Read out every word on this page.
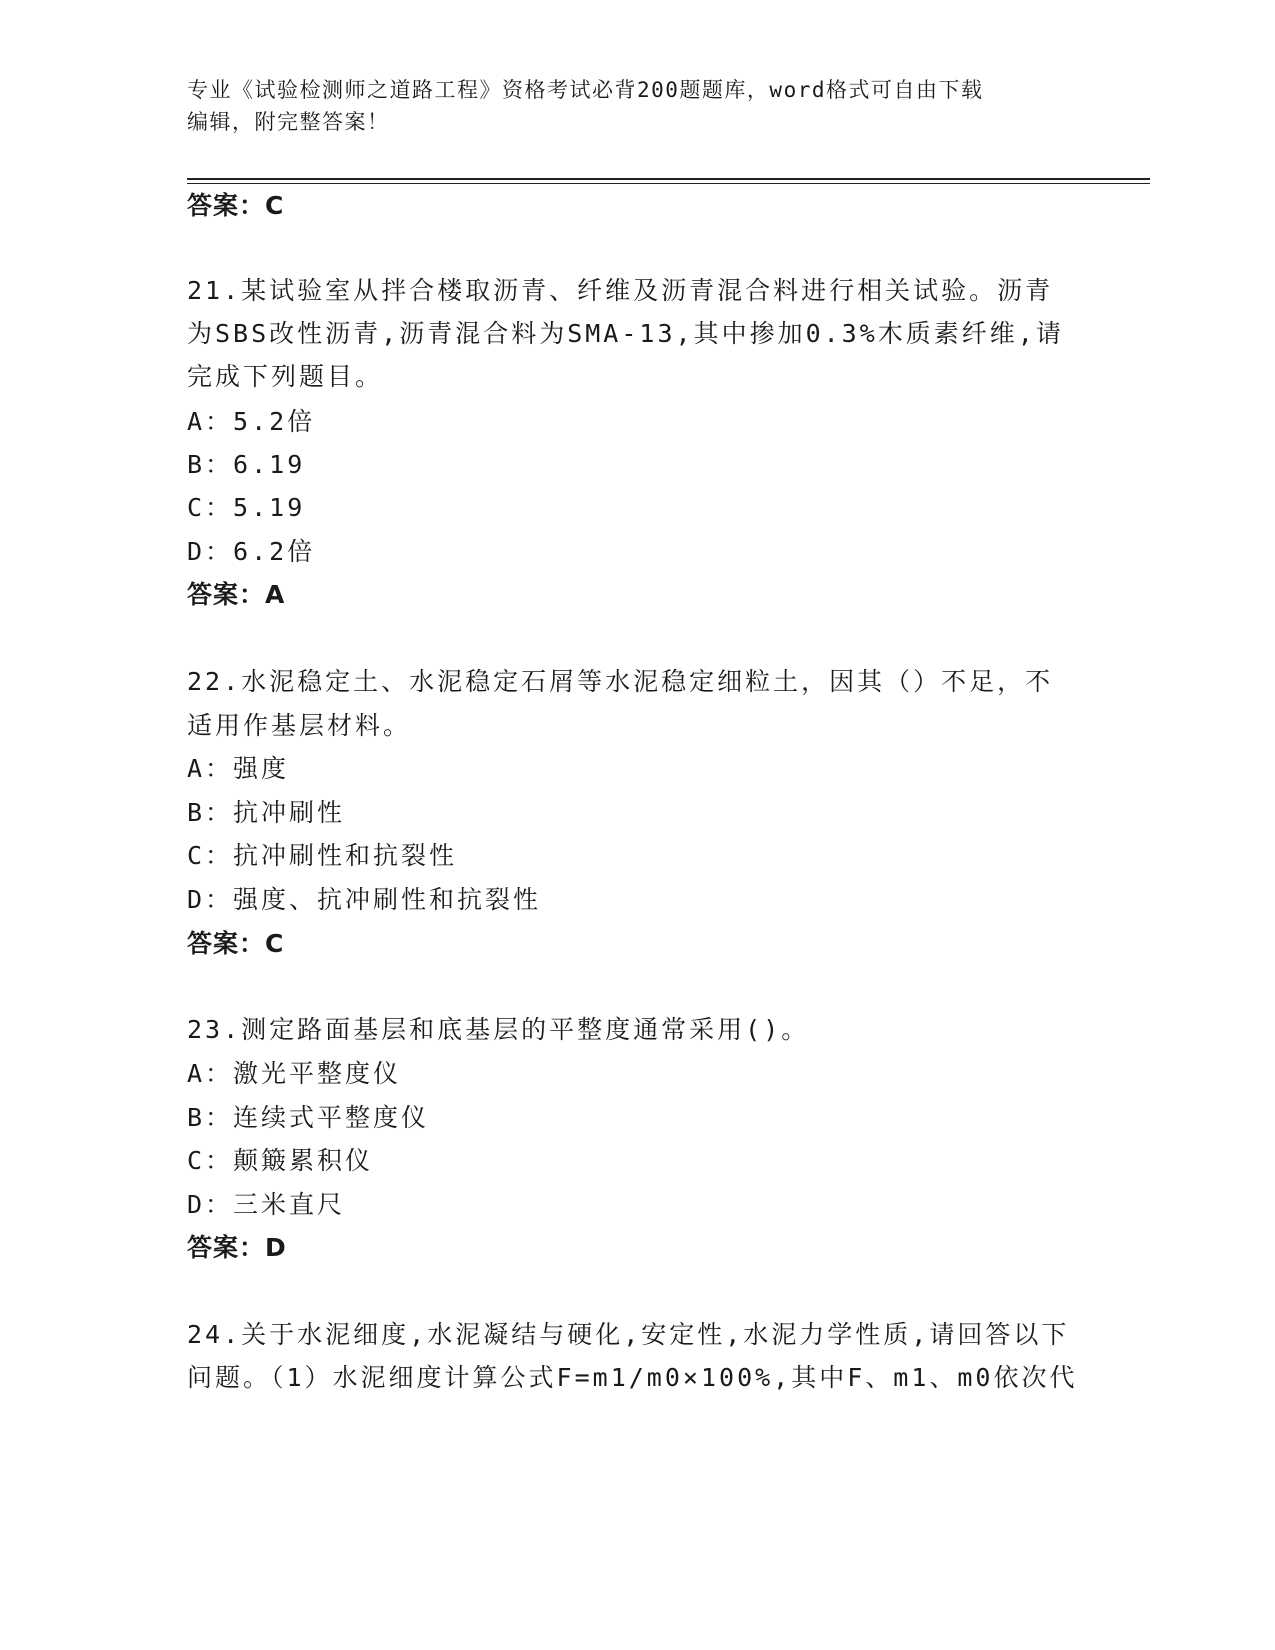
专业《试验检测师之道路工程》资格考试必背200题题库，word格式可自由下载
编辑，附完整答案！
答案：C
21.某试验室从拌合楼取沥青、纤维及沥青混合料进行相关试验。沥青
为SBS改性沥青,沥青混合料为SMA-13,其中掺加0.3%木质素纤维,请
完成下列题目。
A：5.2倍
B：6.19
C：5.19
D：6.2倍
答案：A
22.水泥稳定土、水泥稳定石屑等水泥稳定细粒土，因其（）不足，不
适用作基层材料。
A：强度
B：抗冲刷性
C：抗冲刷性和抗裂性
D：强度、抗冲刷性和抗裂性
答案：C
23.测定路面基层和底基层的平整度通常采用()。
A：激光平整度仪
B：连续式平整度仪
C：颠簸累积仪
D：三米直尺
答案：D
24.关于水泥细度,水泥凝结与硬化,安定性,水泥力学性质,请回答以下
问题。（1）水泥细度计算公式F=m1/m0×100%,其中F、m1、m0依次代
